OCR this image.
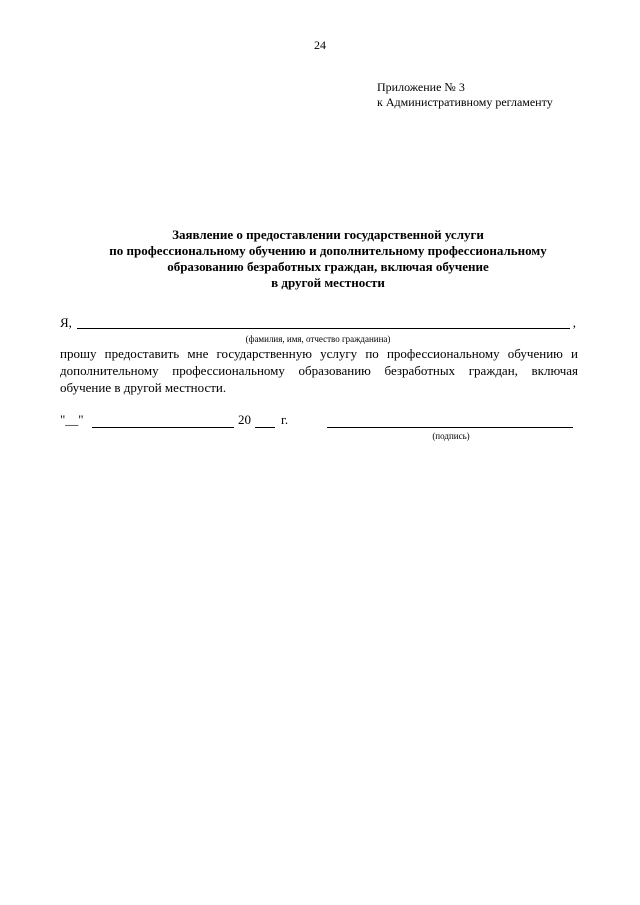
24
Приложение № 3
к Административному регламенту
Заявление о предоставлении государственной услуги
по профессиональному обучению и дополнительному профессиональному
образованию безработных граждан, включая обучение
в другой местности
Я,	,
(фамилия, имя, отчество гражданина)
прошу предоставить мне государственную услугу по профессиональному обучению и дополнительному профессиональному образованию безработных граждан, включая обучение в другой местности.
"__"	20 г.
(подпись)
